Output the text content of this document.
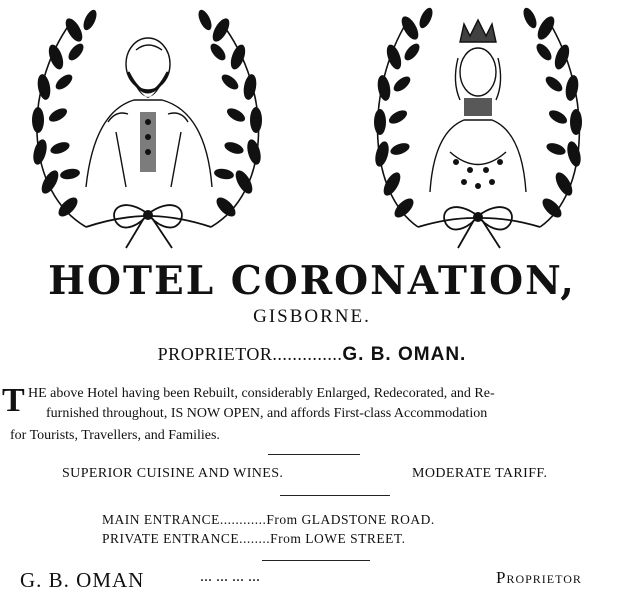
HOTEL CORONATION,
GISBORNE.
PROPRIETOR..............G. B. OMAN.
T HE above Hotel having been Rebuilt, considerably Enlarged, Redecorated, and Re-
furnished throughout, IS NOW OPEN, and affords First-class Accommodation
for Tourists, Travellers, and Families.
SUPERIOR CUISINE AND WINES.	MODERATE TARIFF.
MAIN ENTRANCE............From GLADSTONE ROAD.
PRIVATE ENTRANCE........From LOWE STREET.
G. B. OMAN	... ... ... ...	Proprietor
